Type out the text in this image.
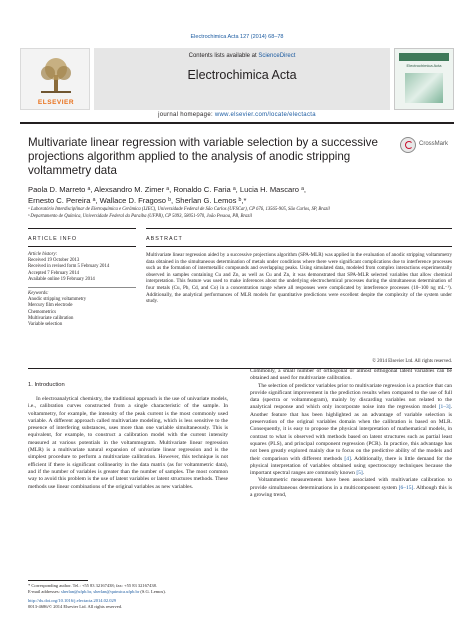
Electrochimica Acta 127 (2014) 68–78
ELSEVIER
Contents lists available at ScienceDirect
Electrochimica Acta
Electrochimica Acta
journal homepage: www.elsevier.com/locate/electacta
Multivariate linear regression with variable selection by a successive projections algorithm applied to the analysis of anodic stripping voltammetry data
CrossMark
Paola D. Marreto ᵃ, Alexsandro M. Zimer ᵃ, Ronaldo C. Faria ᵃ, Lucia H. Mascaro ᵃ,
Ernesto C. Pereira ᵃ, Wallace D. Fragoso ᵇ, Sherlan G. Lemos ᵇ,*
ᵃ Laboratório Interdisciplinar de Eletroquímica e Cerâmica (LIEC), Universidade Federal de São Carlos (UFSCar), CP 676, 13565-905, São Carlos, SP, Brazil
ᵇ Departamento de Química, Universidade Federal da Paraíba (UFPB), CP 5093, 58051-970, João Pessoa, PB, Brazil
ARTICLE INFO	ABSTRACT
Article history:
Received 19 October 2013
Received in revised form 5 February 2014
Accepted 7 February 2014
Available online 19 February 2014
Keywords:
Anodic stripping voltammetry
Mercury film electrode
Chemometrics
Multivariate calibration
Variable selection
Multivariate linear regression aided by a successive projections algorithm (SPA-MLR) was applied in the evaluation of anodic stripping voltammetry data obtained in the simultaneous determination of metals under conditions where there were significant complications due to interference processes such as the formation of intermetallic compounds and overlapping peaks. Using simulated data, modeled from complex interactions experimentally observed in samples containing Cu and Zn, as well as Cu and Zn, it was demonstrated that SPA-MLR selected variables that allow chemical interpretation. This feature was used to make inferences about the underlying electrochemical processes during the simultaneous determination of four metals (Cu, Pb, Cd, and Co) in a concentration range where all responses were complicated by interference processes (10–100 ng mL⁻¹). Additionally, the analytical performances of MLR models for quantitative predictions were excellent despite the complexity of the system under study.
© 2014 Elsevier Ltd. All rights reserved.
1. Introduction

In electroanalytical chemistry, the traditional approach is the use of univariate models, i.e., calibration curves constructed from a single characteristic of the sample. In voltammetry, for example, the intensity of the peak current is the most commonly used variable. A different approach called multivariate modeling, which is less sensitive to the presence of interfering substances, uses more than one variable simultaneously. This is equivalent, for example, to construct a calibration model with the current intensity measured at various potentials in the voltammogram. Multivariate linear regression (MLR) is a multivariate natural expansion of univariate linear regression and is the simplest procedure to perform a multivariate calibration. However, this technique is not efficient if there is significant collinearity in the data matrix (as for voltammetric data), and if the number of variables is greater than the number of samples. The most common way to avoid this problem is the use of latent variables or latent structures methods. These methods use linear combinations of the original variables as new variables.

Commonly, a small number of orthogonal or almost orthogonal latent variables can be obtained and used for multivariate calibration.

The selection of predictor variables prior to multivariate regression is a practice that can provide significant improvement in the prediction results when compared to the use of full data (spectra or voltammogram), mainly by discarding variables not related to the analytical response and which only incorporate noise into the regression model [1–3]. Another feature that has been highlighted as an advantage of variable selection is preservation of the original variables domain when the calibration is based on MLR. Consequently, it is easy to propose the physical interpretation of mathematical models, in contrast to what is observed with methods based on latent structures such as partial least squares (PLS), and principal component regression (PCR). In practice, this advantage has not been greatly explored mainly due to focus on the predictive ability of the models and their comparison with different methods [4]. Additionally, there is little demand for the physical interpretation of variables obtained using spectroscopy techniques because the important spectral ranges are commonly known [5].

Voltammetric measurements have been associated with multivariate calibration to provide simultaneous determinations in a multicomponent system [6–15]. Although this is a growing trend,

* Corresponding author. Tel.: +55 83 32167438; fax: +55 83 32167438.
E-mail addresses: sherlan@ufpb.br, sherlan@quimica.ufpb.br (S.G. Lemos).
http://dx.doi.org/10.1016/j.electacta.2014.02.029
0013-4686/© 2014 Elsevier Ltd. All rights reserved.
